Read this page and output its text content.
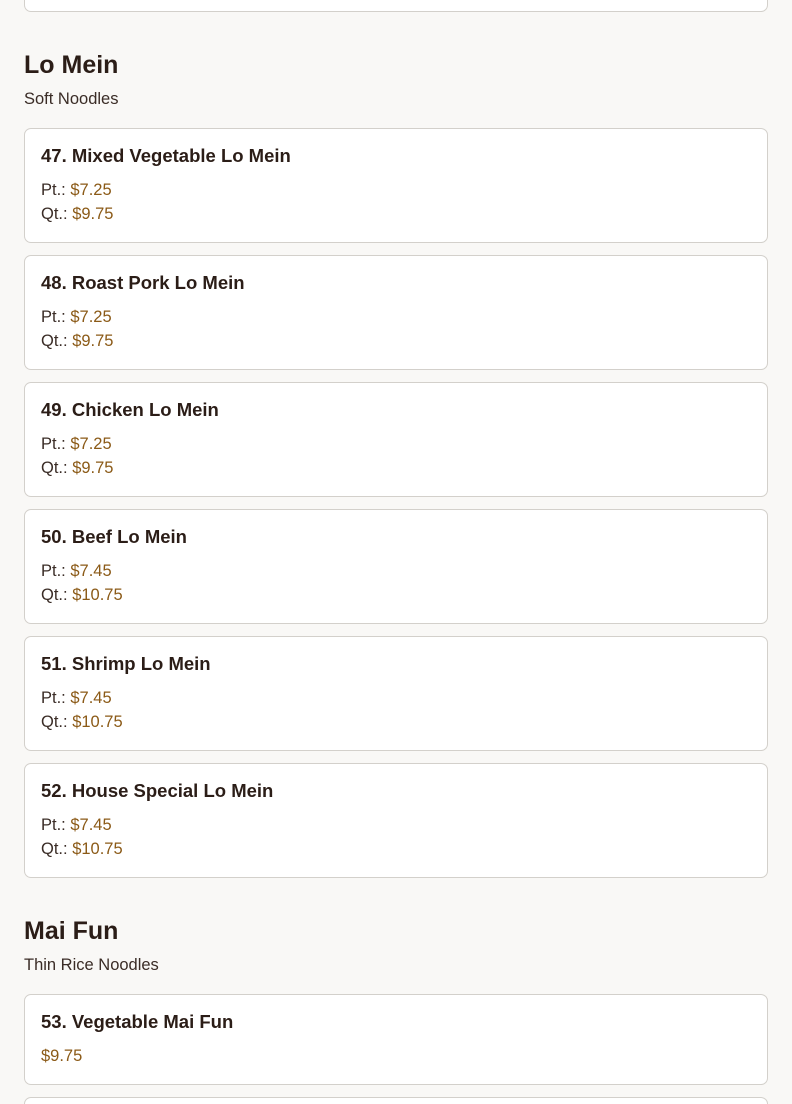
Lo Mein
Soft Noodles
47. Mixed Vegetable Lo Mein
Pt.: $7.25
Qt.: $9.75
48. Roast Pork Lo Mein
Pt.: $7.25
Qt.: $9.75
49. Chicken Lo Mein
Pt.: $7.25
Qt.: $9.75
50. Beef Lo Mein
Pt.: $7.45
Qt.: $10.75
51. Shrimp Lo Mein
Pt.: $7.45
Qt.: $10.75
52. House Special Lo Mein
Pt.: $7.45
Qt.: $10.75
Mai Fun
Thin Rice Noodles
53. Vegetable Mai Fun
$9.75
